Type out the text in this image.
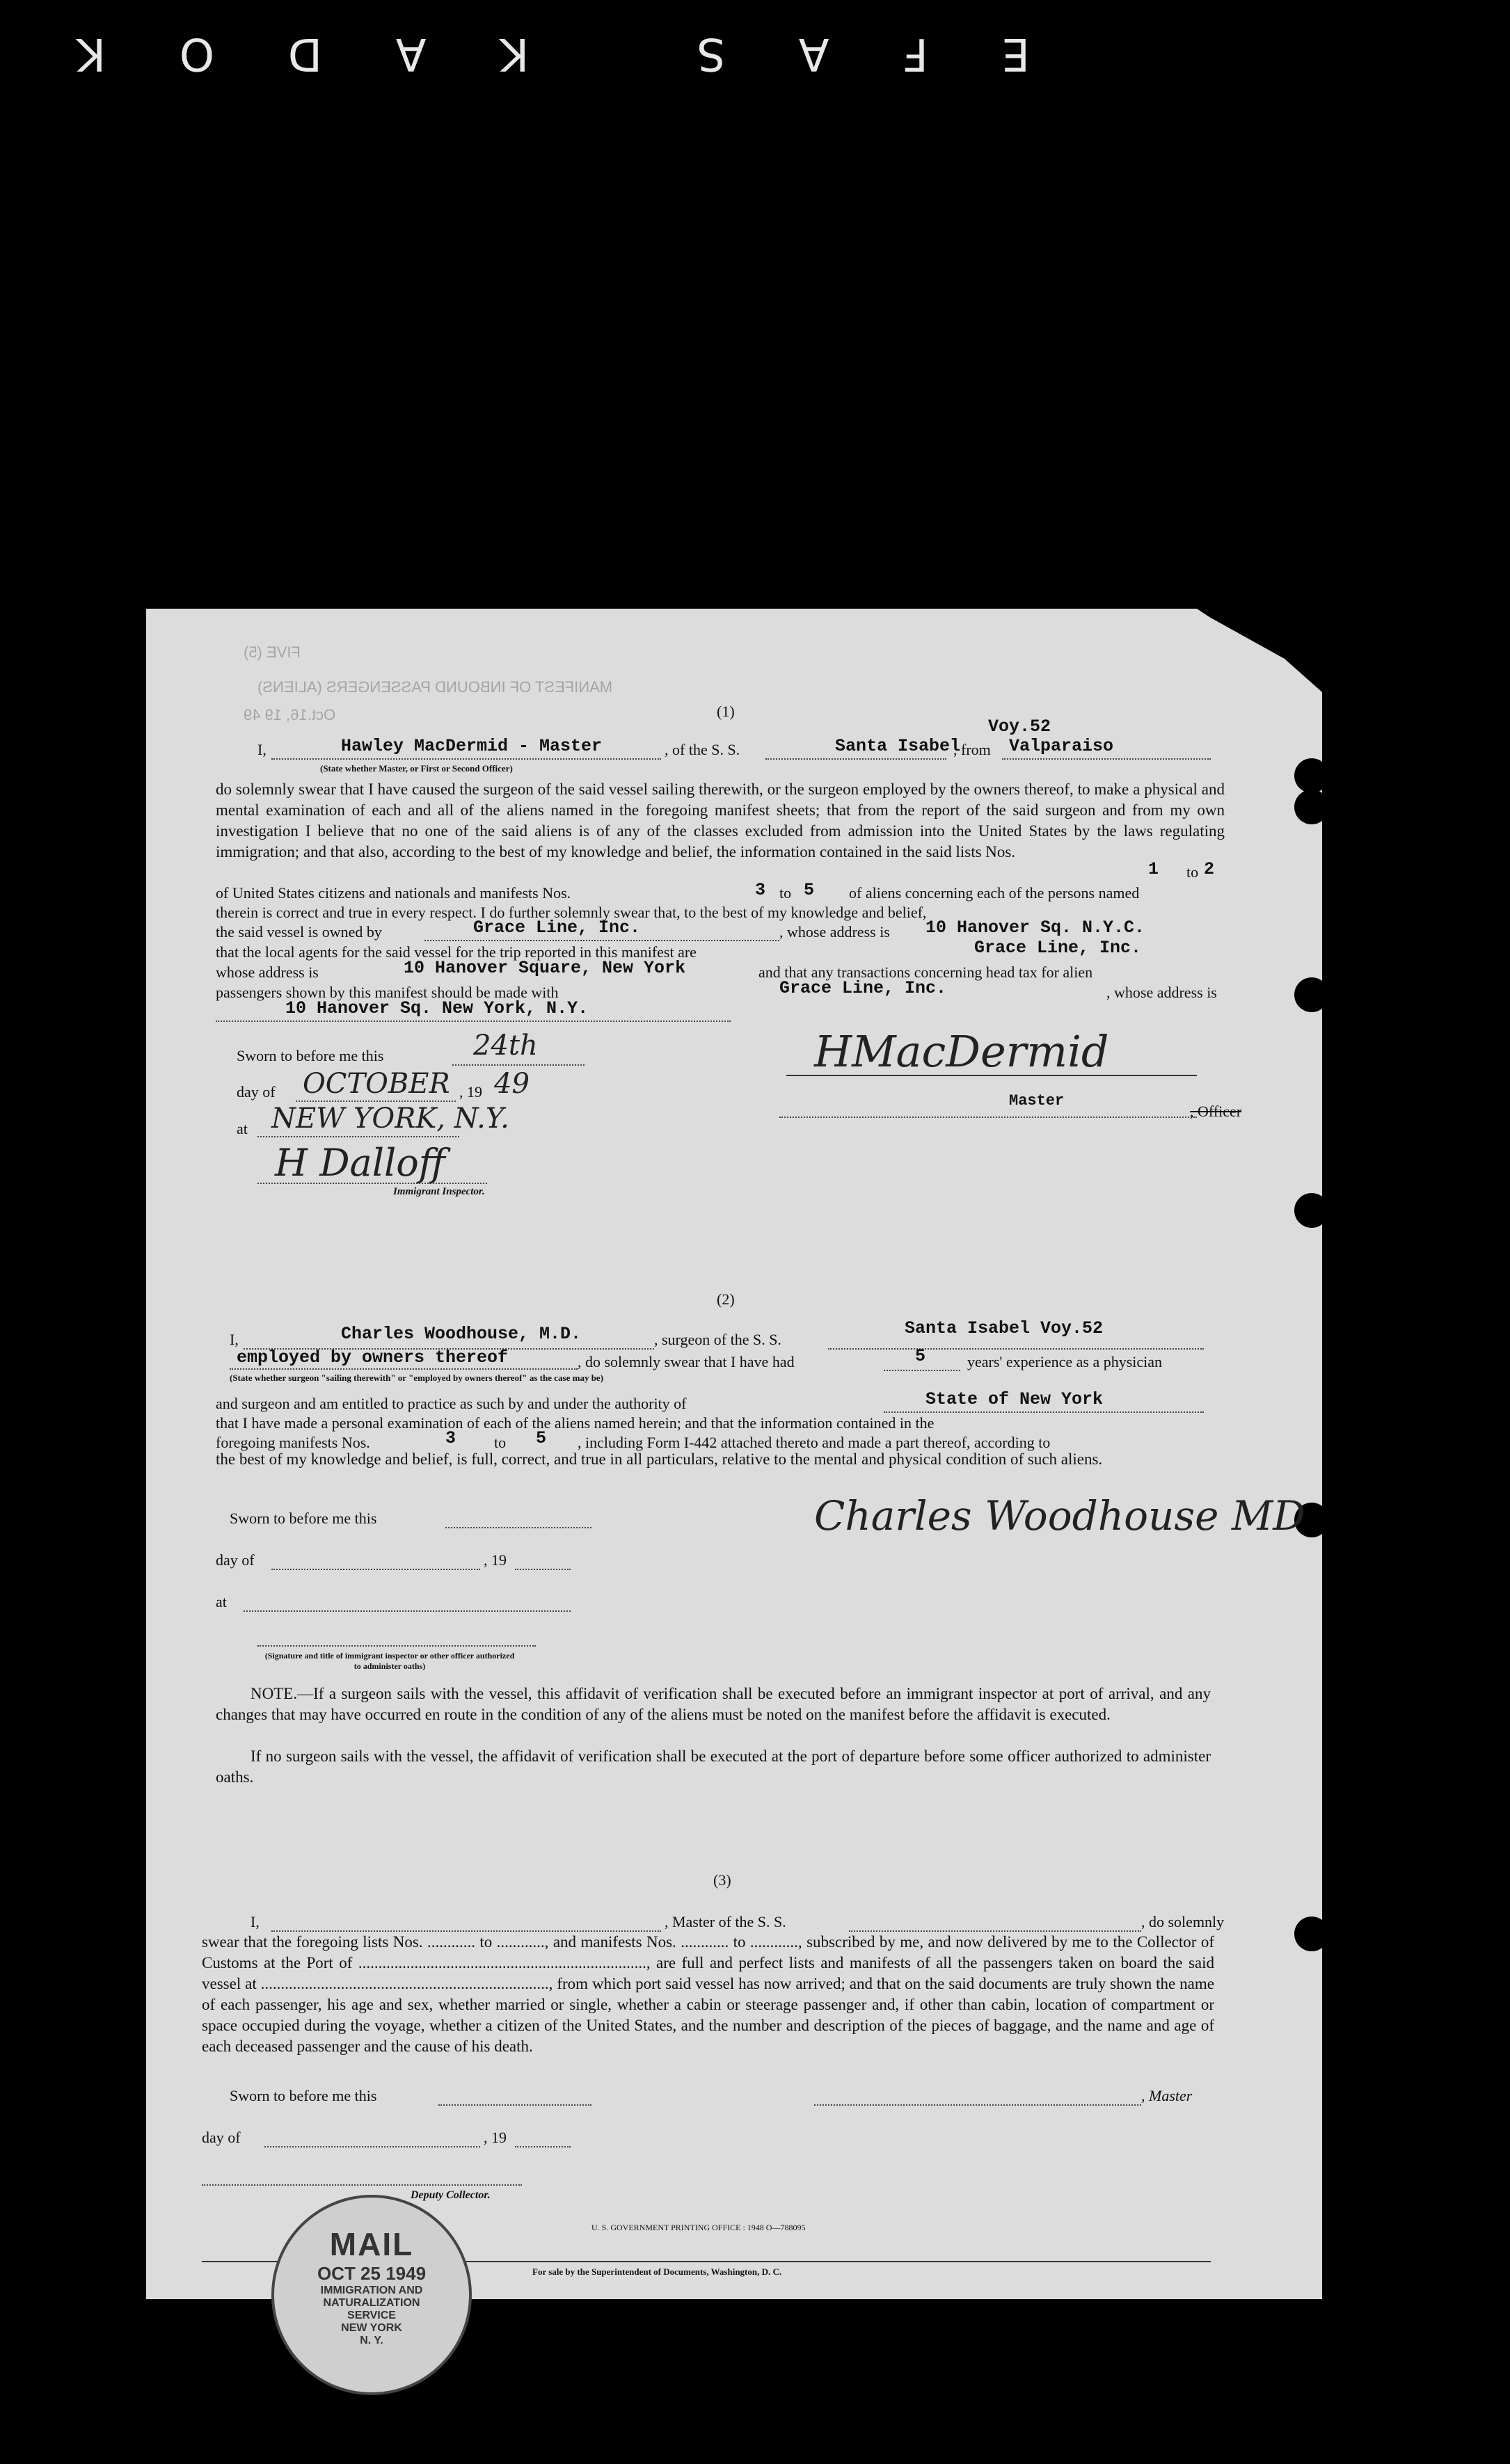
E
F
A
S
K
A
D
O
K
FIVE (5)
MANIFEST OF INBOUND PASSENGERS (ALIENS)
Oct.16, 19 49	(1)
Voy.52
I,	Hawley MacDermid - Master
(State whether Master, or First or Second Officer)
, of the S. S.	Santa Isabel
, from Valparaiso
do solemnly swear that I have caused the surgeon of the said vessel sailing therewith, or the surgeon employed by the owners thereof, to make a physical and mental examination of each and all of the aliens named in the foregoing manifest sheets; that from the report of the said surgeon and from my own investigation I believe that no one of the said aliens is of any of the classes excluded from admission into the United States by the laws regulating immigration; and that also, according to the best of my knowledge and belief, the information contained in the said lists Nos.
1 to 2
of United States citizens and nationals and manifests Nos.	3 to 5 of aliens concerning each of the persons named
therein is correct and true in every respect. I do further solemnly swear that, to the best of my knowledge and belief,
the said vessel is owned by	Grace Line, Inc.	, whose address is 10 Hanover Sq. N.Y.C.
that the local agents for the said vessel for the trip reported in this manifest are	Grace Line, Inc.
whose address is	10 Hanover Square, New York	and that any transactions concerning head tax for alien
passengers shown by this manifest should be made with	Grace Line, Inc.	, whose address is
10 Hanover Sq. New York, N.Y.
Sworn to before me this	24th
day of OCTOBER , 19 49
at NEW YORK, N.Y.
H Dalloff
Immigrant Inspector.
HMacDermid
Master
, Officer
(2)
I,	Charles Woodhouse, M.D.	, surgeon of the S. S.
Santa Isabel Voy.52
employed by owners thereof	, do solemnly swear that I have had	5	years' experience as a physician
(State whether surgeon "sailing therewith" or "employed by owners thereof" as the case may be)
and surgeon and am entitled to practice as such by and under the authority of	State of New York
that I have made a personal examination of each of the aliens named herein; and that the information contained in the
foregoing manifests Nos.	3 to 5 , including Form I-442 attached thereto and made a part thereof, according to
the best of my knowledge and belief, is full, correct, and true in all particulars, relative to the mental and physical condition of such aliens.
Sworn to before me this
day of	, 19
at
(Signature and title of immigrant inspector or other officer authorized to administer oaths)
Charles Woodhouse MD
NOTE.—If a surgeon sails with the vessel, this affidavit of verification shall be executed before an immigrant inspector at port of arrival, and any changes that may have occurred en route in the condition of any of the aliens must be noted on the manifest before the affidavit is executed.
If no surgeon sails with the vessel, the affidavit of verification shall be executed at the port of departure before some officer authorized to administer oaths.
(3)
I,	, Master of the S. S.	, do solemnly
swear that the foregoing lists Nos. ............ to ............, and manifests Nos. ............ to ............, subscribed by me, and now delivered by me to the Collector of Customs at the Port of ........................................................................, are full and perfect lists and manifests of all the passengers taken on board the said vessel at ........................................................................, from which port said vessel has now arrived; and that on the said documents are truly shown the name of each passenger, his age and sex, whether married or single, whether a cabin or steerage passenger and, if other than cabin, location of compartment or space occupied during the voyage, whether a citizen of the United States, and the number and description of the pieces of baggage, and the name and age of each deceased passenger and the cause of his death.
Sworn to before me this	, Master
day of	, 19
Deputy Collector.
U. S. GOVERNMENT PRINTING OFFICE : 1948 O—788095
For sale by the Superintendent of Documents, Washington, D. C.
MAIL
OCT 25 1949
IMMIGRATION AND
NATURALIZATION
SERVICE
NEW YORK
N. Y.
